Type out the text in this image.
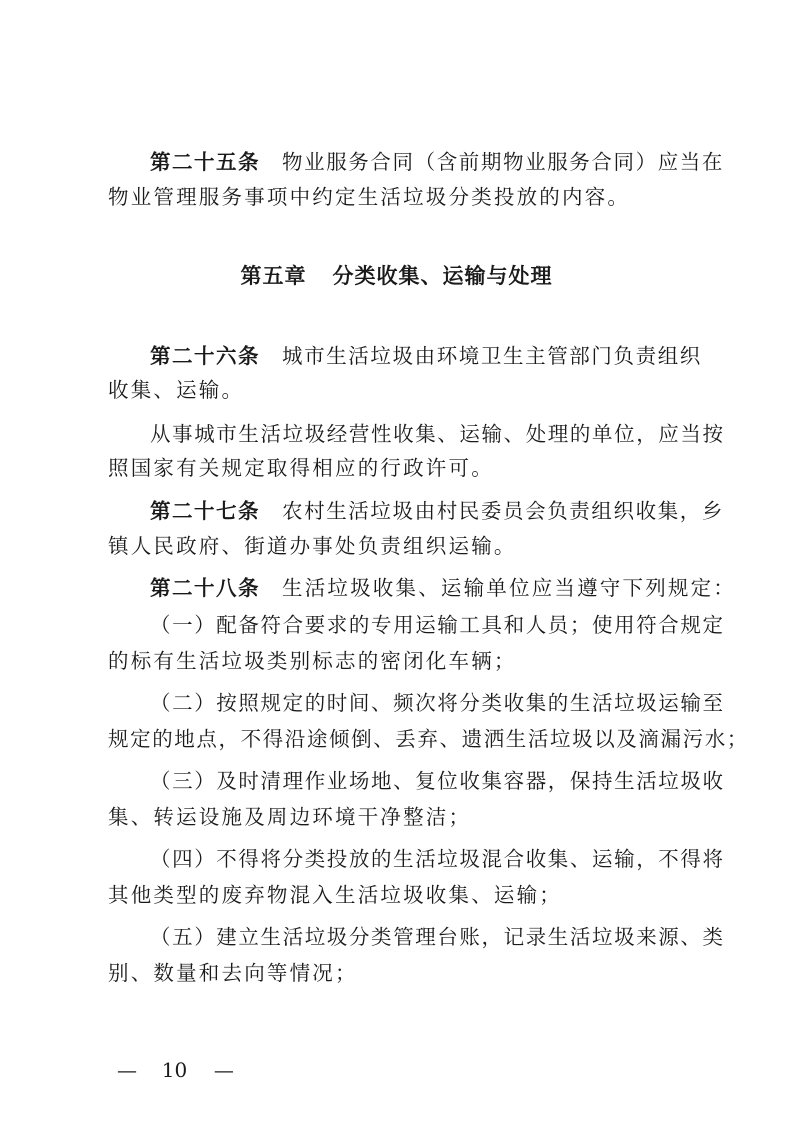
第二十五条 物业服务合同（含前期物业服务合同）应当在
物业管理服务事项中约定生活垃圾分类投放的内容。
第五章 分类收集、运输与处理
第二十六条 城市生活垃圾由环境卫生主管部门负责组织
收集、运输。
从事城市生活垃圾经营性收集、运输、处理的单位，应当按
照国家有关规定取得相应的行政许可。
第二十七条 农村生活垃圾由村民委员会负责组织收集，乡
镇人民政府、街道办事处负责组织运输。
第二十八条 生活垃圾收集、运输单位应当遵守下列规定：
（一）配备符合要求的专用运输工具和人员；使用符合规定
的标有生活垃圾类别标志的密闭化车辆；
（二）按照规定的时间、频次将分类收集的生活垃圾运输至
规定的地点，不得沿途倾倒、丢弃、遗洒生活垃圾以及滴漏污水；
（三）及时清理作业场地、复位收集容器，保持生活垃圾收
集、转运设施及周边环境干净整洁；
（四）不得将分类投放的生活垃圾混合收集、运输，不得将
其他类型的废弃物混入生活垃圾收集、运输；
（五）建立生活垃圾分类管理台账，记录生活垃圾来源、类
别、数量和去向等情况；
— 10 —
